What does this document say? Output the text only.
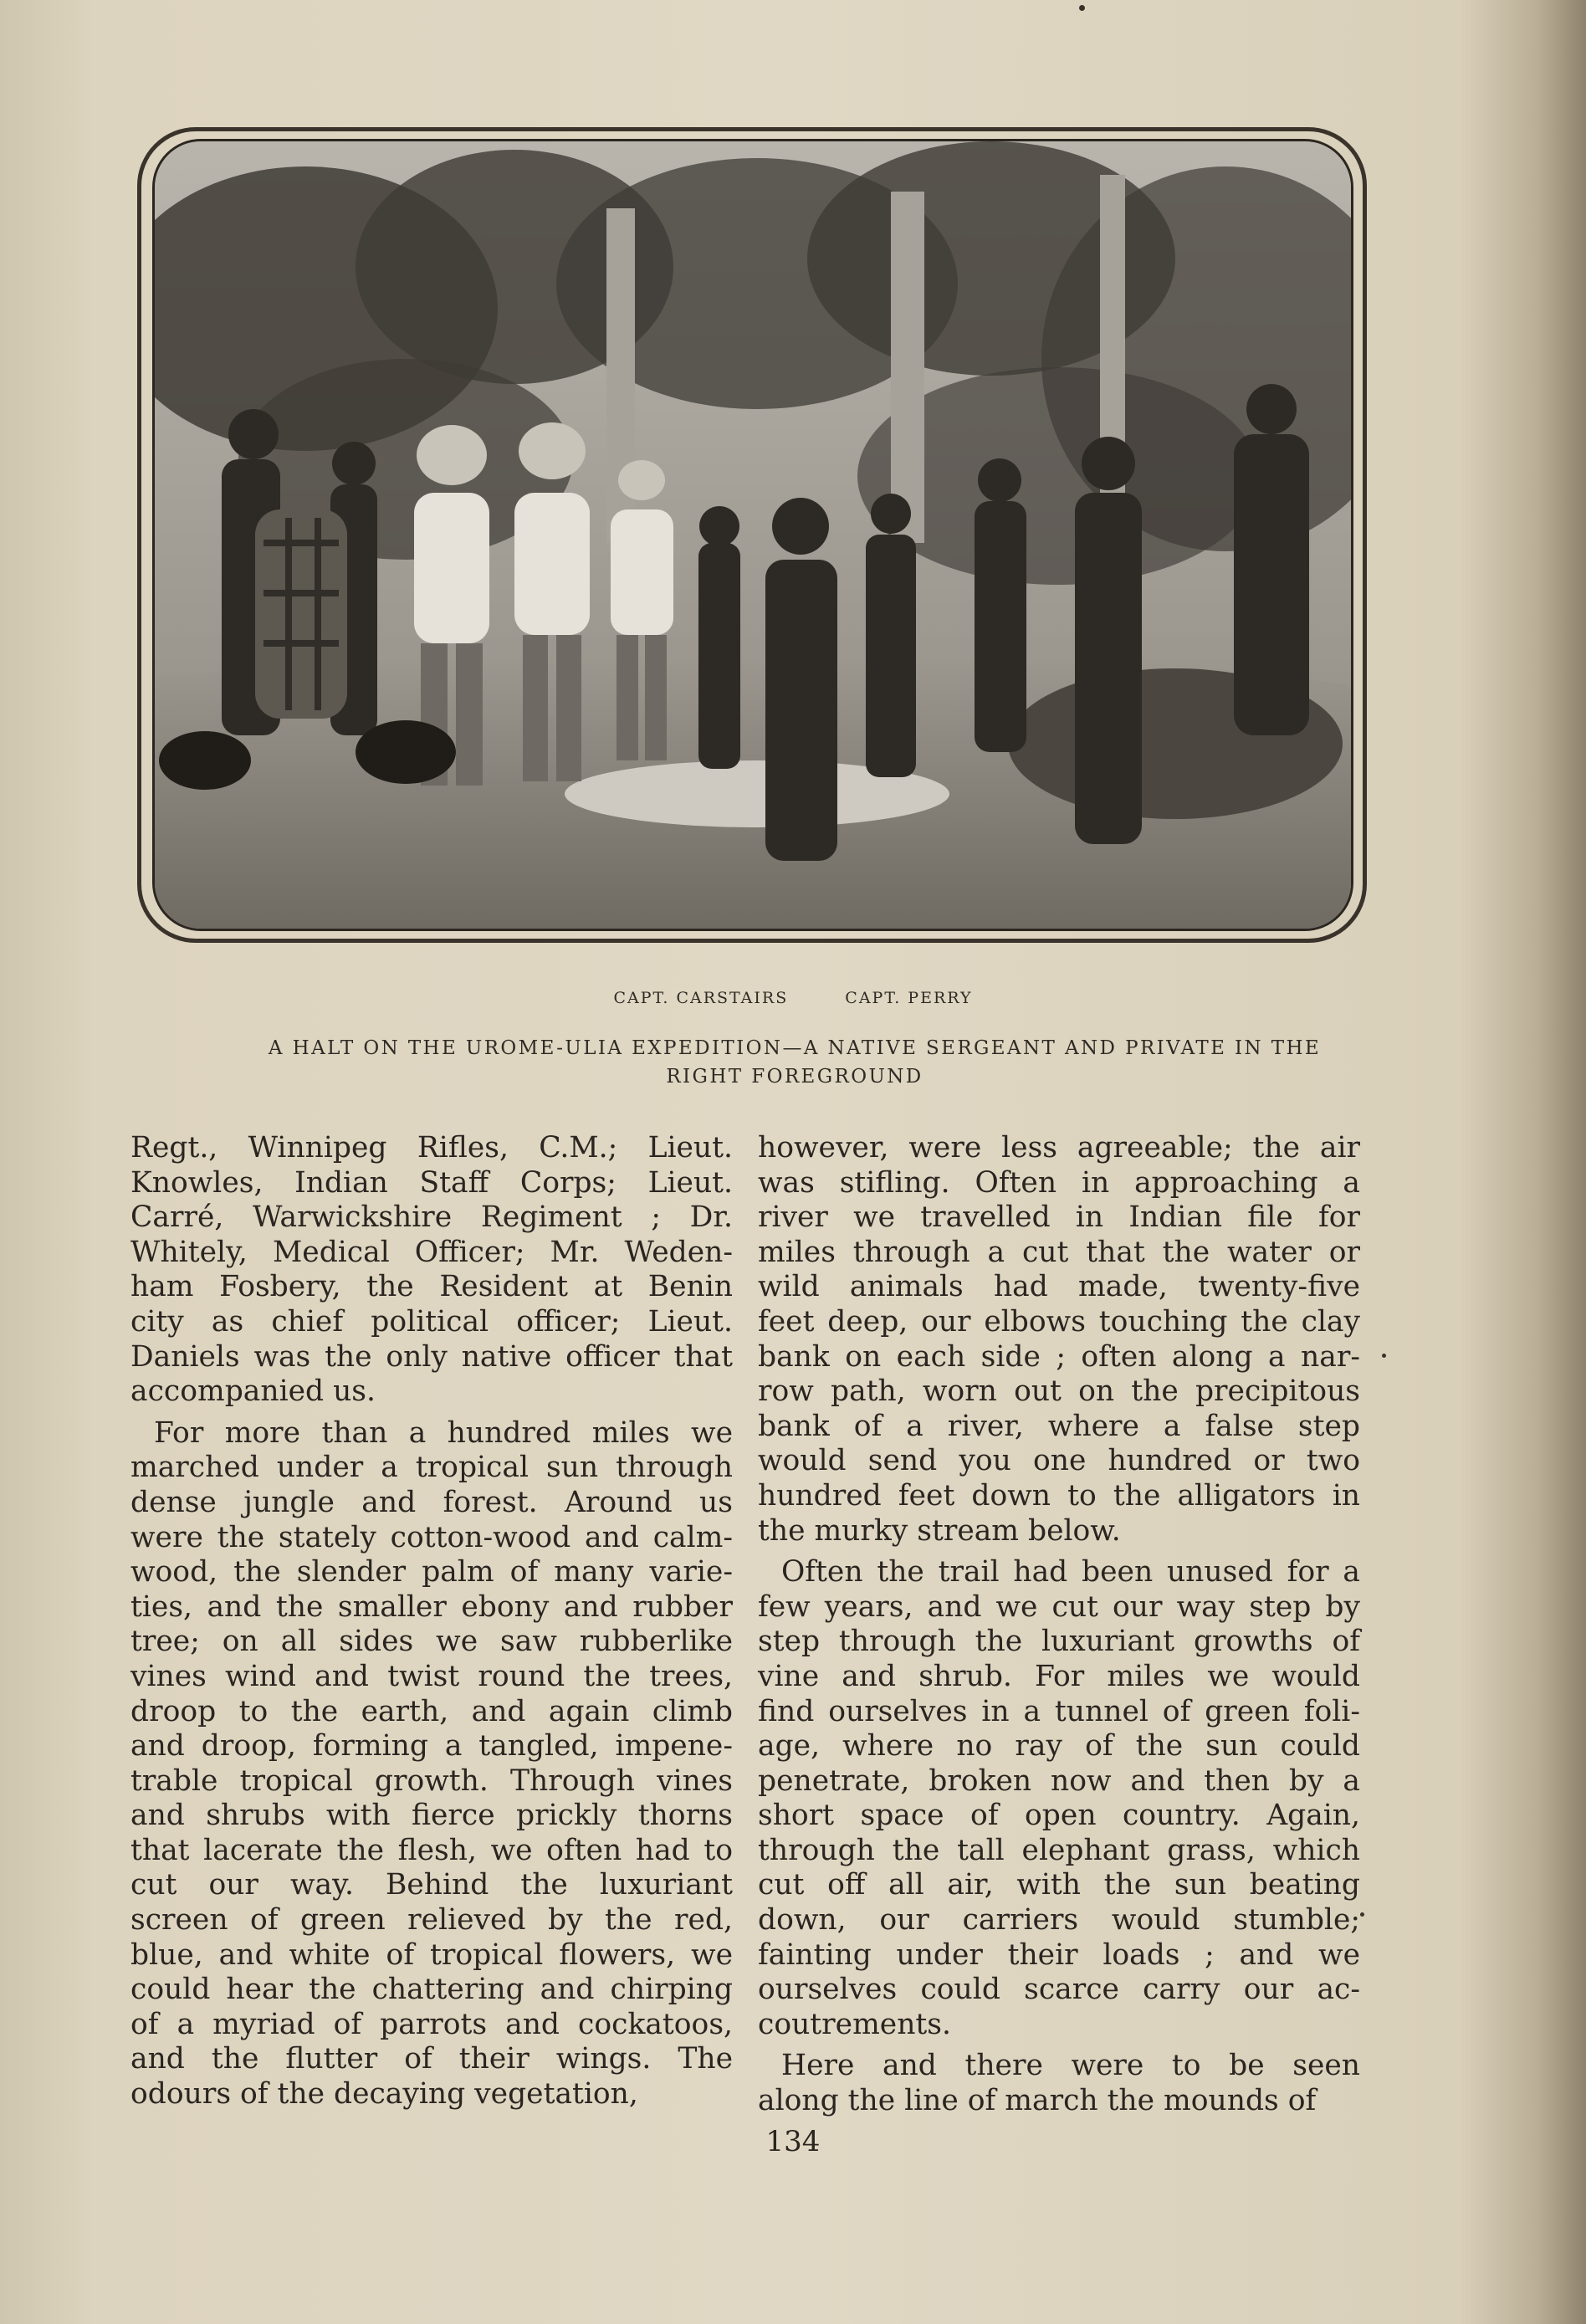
CAPT. CARSTAIRS	CAPT. PERRY
A HALT ON THE UROME-ULIA EXPEDITION—A NATIVE SERGEANT AND PRIVATE IN THE
RIGHT FOREGROUND

Regt., Winnipeg Rifles, C.M.; Lieut.

Knowles, Indian Staff Corps; Lieut.

Carré, Warwickshire Regiment ; Dr.

Whitely, Medical Officer; Mr. Weden-

ham Fosbery, the Resident at Benin

city as chief political officer; Lieut.

Daniels was the only native officer that

accompanied us.

For more than a hundred miles we

marched under a tropical sun through

dense jungle and forest. Around us

were the stately cotton-wood and calm-

wood, the slender palm of many varie-

ties, and the smaller ebony and rubber

tree; on all sides we saw rubberlike

vines wind and twist round the trees,

droop to the earth, and again climb

and droop, forming a tangled, impene-

trable tropical growth. Through vines

and shrubs with fierce prickly thorns

that lacerate the flesh, we often had to

cut our way. Behind the luxuriant

screen of green relieved by the red,

blue, and white of tropical flowers, we

could hear the chattering and chirping

of a myriad of parrots and cockatoos,

and the flutter of their wings. The

odours of the decaying vegetation,

however, were less agreeable; the air

was stifling. Often in approaching a

river we travelled in Indian file for

miles through a cut that the water or

wild animals had made, twenty-five

feet deep, our elbows touching the clay

bank on each side ; often along a nar-

row path, worn out on the precipitous

bank of a river, where a false step

would send you one hundred or two

hundred feet down to the alligators in

the murky stream below.

Often the trail had been unused for a

few years, and we cut our way step by

step through the luxuriant growths of

vine and shrub. For miles we would

find ourselves in a tunnel of green foli-

age, where no ray of the sun could

penetrate, broken now and then by a

short space of open country. Again,

through the tall elephant grass, which

cut off all air, with the sun beating

down, our carriers would stumble;

fainting under their loads ; and we

ourselves could scarce carry our ac-

coutrements.

Here and there were to be seen

along the line of march the mounds of

134
